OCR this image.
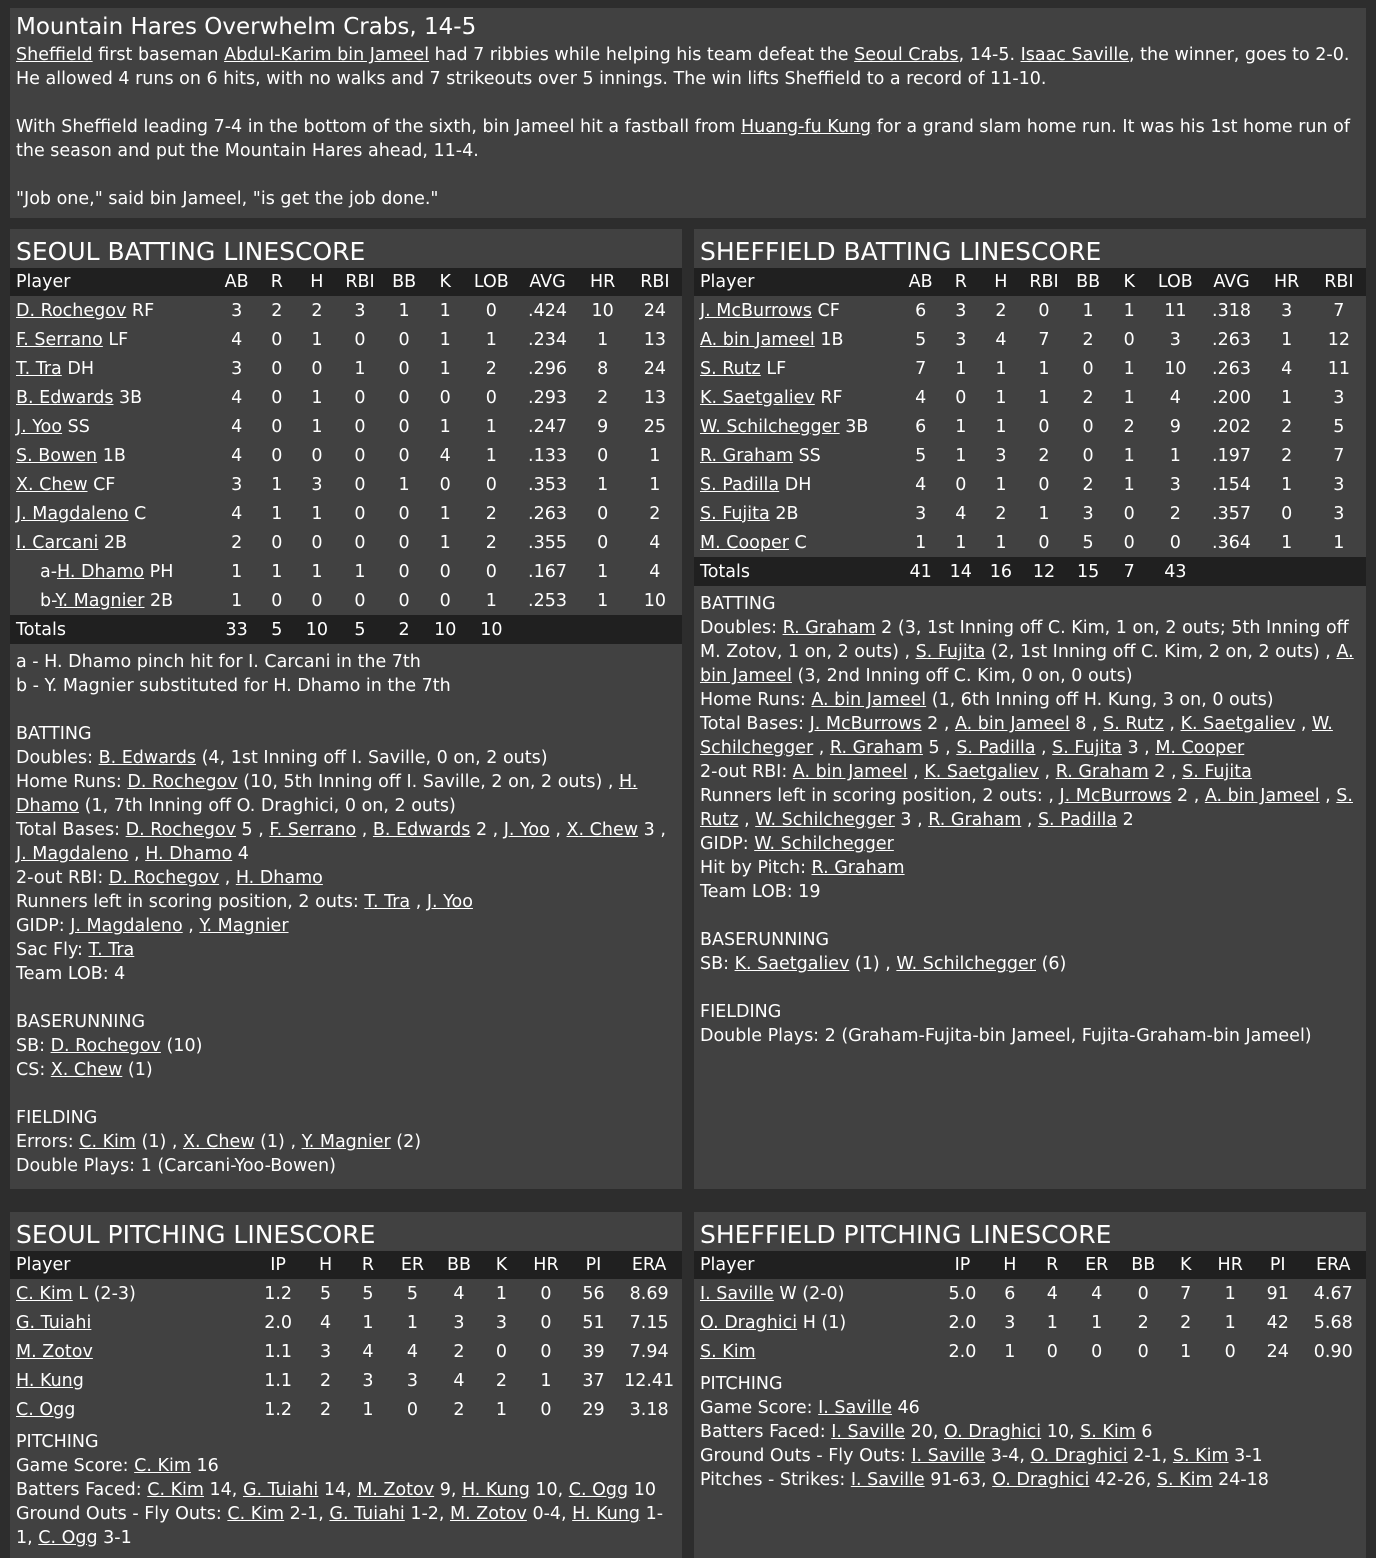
Mountain Hares Overwhelm Crabs, 14-5

Sheffield first baseman Abdul-Karim bin Jameel had 7 ribbies while helping his team defeat the Seoul Crabs, 14-5. Isaac Saville, the winner, goes to 2-0. He allowed 4 runs on 6 hits, with no walks and 7 strikeouts over 5 innings. The win lifts Sheffield to a record of 11-10.

With Sheffield leading 7-4 in the bottom of the sixth, bin Jameel hit a fastball from Huang-fu Kung for a grand slam home run. It was his 1st home run of the season and put the Mountain Hares ahead, 11-4.

"Job one," said bin Jameel, "is get the job done."

SEOUL BATTING LINESCORE
Player	AB	R	H	RBI	BB	K	LOB	AVG	HR	RBI
D. Rochegov RF	3	2	2	3	1	1	0	.424	10	24
F. Serrano LF	4	0	1	0	0	1	1	.234	1	13
T. Tra DH	3	0	0	1	0	1	2	.296	8	24
B. Edwards 3B	4	0	1	0	0	0	0	.293	2	13
J. Yoo SS	4	0	1	0	0	1	1	.247	9	25
S. Bowen 1B	4	0	0	0	0	4	1	.133	0	1
X. Chew CF	3	1	3	0	1	0	0	.353	1	1
J. Magdaleno C	4	1	1	0	0	1	2	.263	0	2
I. Carcani 2B	2	0	0	0	0	1	2	.355	0	4
a-H. Dhamo PH	1	1	1	1	0	0	0	.167	1	4
b-Y. Magnier 2B	1	0	0	0	0	0	1	.253	1	10
Totals	33	5	10	5	2	10	10			
a - H. Dhamo pinch hit for I. Carcani in the 7th
b - Y. Magnier substituted for H. Dhamo in the 7th
BATTING
Doubles: B. Edwards (4, 1st Inning off I. Saville, 0 on, 2 outs)
Home Runs: D. Rochegov (10, 5th Inning off I. Saville, 2 on, 2 outs) , H. Dhamo (1, 7th Inning off O. Draghici, 0 on, 2 outs)
Total Bases: D. Rochegov 5 , F. Serrano , B. Edwards 2 , J. Yoo , X. Chew 3 , J. Magdaleno , H. Dhamo 4
2-out RBI: D. Rochegov , H. Dhamo
Runners left in scoring position, 2 outs: T. Tra , J. Yoo
GIDP: J. Magdaleno , Y. Magnier
Sac Fly: T. Tra
Team LOB: 4
BASERUNNING
SB: D. Rochegov (10)
CS: X. Chew (1)
FIELDING
Errors: C. Kim (1) , X. Chew (1) , Y. Magnier (2)
Double Plays: 1 (Carcani-Yoo-Bowen)
SHEFFIELD BATTING LINESCORE
Player	AB	R	H	RBI	BB	K	LOB	AVG	HR	RBI
J. McBurrows CF	6	3	2	0	1	1	11	.318	3	7
A. bin Jameel 1B	5	3	4	7	2	0	3	.263	1	12
S. Rutz LF	7	1	1	1	0	1	10	.263	4	11
K. Saetgaliev RF	4	0	1	1	2	1	4	.200	1	3
W. Schilchegger 3B	6	1	1	0	0	2	9	.202	2	5
R. Graham SS	5	1	3	2	0	1	1	.197	2	7
S. Padilla DH	4	0	1	0	2	1	3	.154	1	3
S. Fujita 2B	3	4	2	1	3	0	2	.357	0	3
M. Cooper C	1	1	1	0	5	0	0	.364	1	1
Totals	41	14	16	12	15	7	43			
BATTING
Doubles: R. Graham 2 (3, 1st Inning off C. Kim, 1 on, 2 outs; 5th Inning off M. Zotov, 1 on, 2 outs) , S. Fujita (2, 1st Inning off C. Kim, 2 on, 2 outs) , A. bin Jameel (3, 2nd Inning off C. Kim, 0 on, 0 outs)
Home Runs: A. bin Jameel (1, 6th Inning off H. Kung, 3 on, 0 outs)
Total Bases: J. McBurrows 2 , A. bin Jameel 8 , S. Rutz , K. Saetgaliev , W. Schilchegger , R. Graham 5 , S. Padilla , S. Fujita 3 , M. Cooper
2-out RBI: A. bin Jameel , K. Saetgaliev , R. Graham 2 , S. Fujita
Runners left in scoring position, 2 outs: , J. McBurrows 2 , A. bin Jameel , S. Rutz , W. Schilchegger 3 , R. Graham , S. Padilla 2
GIDP: W. Schilchegger
Hit by Pitch: R. Graham
Team LOB: 19
BASERUNNING
SB: K. Saetgaliev (1) , W. Schilchegger (6)
FIELDING
Double Plays: 2 (Graham-Fujita-bin Jameel, Fujita-Graham-bin Jameel)
SEOUL PITCHING LINESCORE
Player	IP	H	R	ER	BB	K	HR	PI	ERA
C. Kim L (2-3)	1.2	5	5	5	4	1	0	56	8.69
G. Tuiahi	2.0	4	1	1	3	3	0	51	7.15
M. Zotov	1.1	3	4	4	2	0	0	39	7.94
H. Kung	1.1	2	3	3	4	2	1	37	12.41
C. Ogg	1.2	2	1	0	2	1	0	29	3.18
PITCHING
Game Score: C. Kim 16
Batters Faced: C. Kim 14, G. Tuiahi 14, M. Zotov 9, H. Kung 10, C. Ogg 10
Ground Outs - Fly Outs: C. Kim 2-1, G. Tuiahi 1-2, M. Zotov 0-4, H. Kung 1-1, C. Ogg 3-1
SHEFFIELD PITCHING LINESCORE
Player	IP	H	R	ER	BB	K	HR	PI	ERA
I. Saville W (2-0)	5.0	6	4	4	0	7	1	91	4.67
O. Draghici H (1)	2.0	3	1	1	2	2	1	42	5.68
S. Kim	2.0	1	0	0	0	1	0	24	0.90
PITCHING
Game Score: I. Saville 46
Batters Faced: I. Saville 20, O. Draghici 10, S. Kim 6
Ground Outs - Fly Outs: I. Saville 3-4, O. Draghici 2-1, S. Kim 3-1
Pitches - Strikes: I. Saville 91-63, O. Draghici 42-26, S. Kim 24-18
